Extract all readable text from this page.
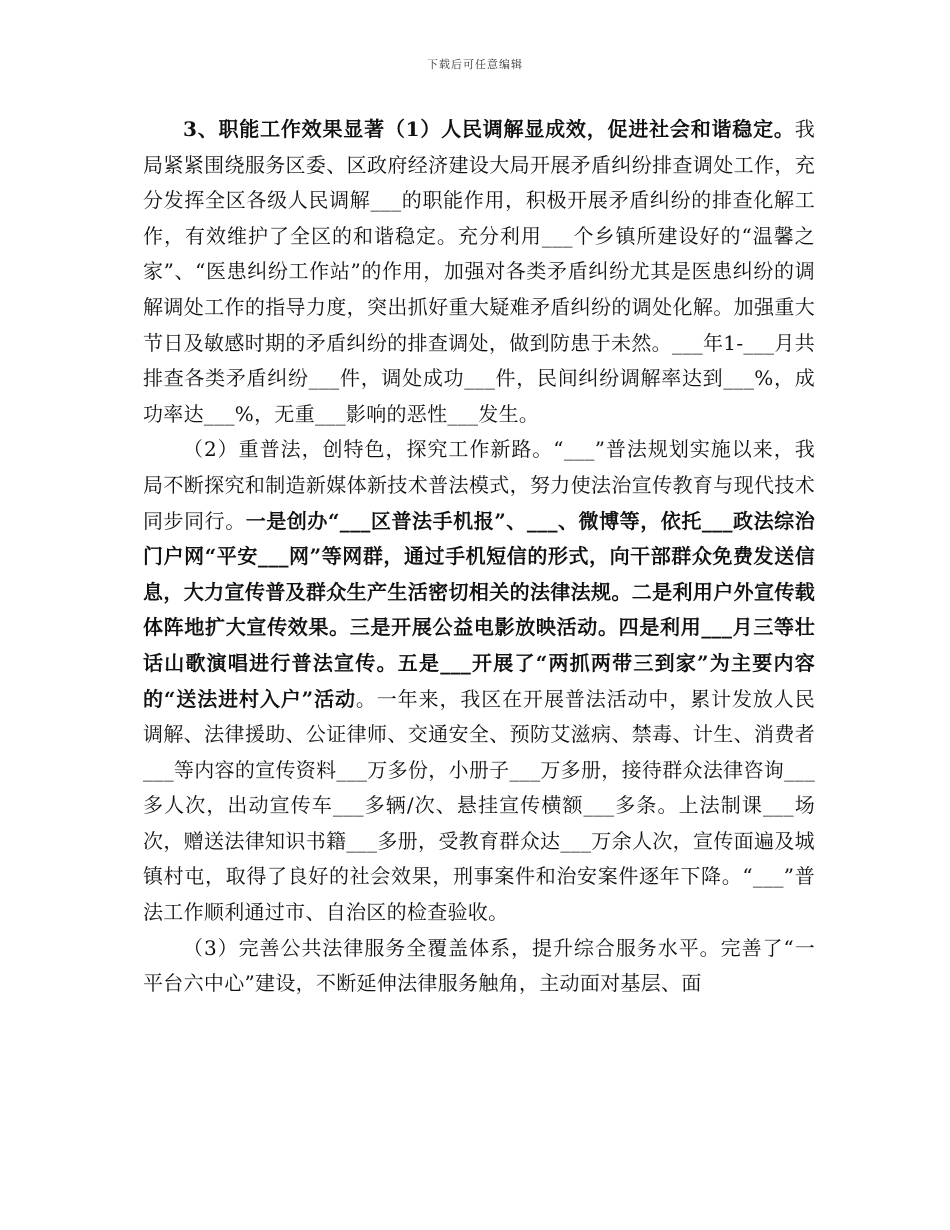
下载后可任意编辑

3、职能工作效果显著（1）人民调解显成效，促进社会和谐稳定。我局紧紧围绕服务区委、区政府经济建设大局开展矛盾纠纷排查调处工作，充分发挥全区各级人民调解___的职能作用，积极开展矛盾纠纷的排查化解工作，有效维护了全区的和谐稳定。充分利用___个乡镇所建设好的“温馨之家”、“医患纠纷工作站”的作用，加强对各类矛盾纠纷尤其是医患纠纷的调解调处工作的指导力度，突出抓好重大疑难矛盾纠纷的调处化解。加强重大节日及敏感时期的矛盾纠纷的排查调处，做到防患于未然。___年1-___月共排查各类矛盾纠纷___件，调处成功___件，民间纠纷调解率达到___%，成功率达___%，无重___影响的恶性___发生。

（2）重普法，创特色，探究工作新路。“___”普法规划实施以来，我局不断探究和制造新媒体新技术普法模式，努力使法治宣传教育与现代技术同步同行。一是创办“___区普法手机报”、___、微博等，依托___政法综治门户网“平安___网”等网群，通过手机短信的形式，向干部群众免费发送信息，大力宣传普及群众生产生活密切相关的法律法规。二是利用户外宣传载体阵地扩大宣传效果。三是开展公益电影放映活动。四是利用___月三等壮话山歌演唱进行普法宣传。五是___开展了“两抓两带三到家”为主要内容的“送法进村入户”活动。一年来，我区在开展普法活动中，累计发放人民调解、法律援助、公证律师、交通安全、预防艾滋病、禁毒、计生、消费者___等内容的宣传资料___万多份，小册子___万多册，接待群众法律咨询___多人次，出动宣传车___多辆/次、悬挂宣传横额___多条。上法制课___场次，赠送法律知识书籍___多册，受教育群众达___万余人次，宣传面遍及城镇村屯，取得了良好的社会效果，刑事案件和治安案件逐年下降。“___”普法工作顺利通过市、自治区的检查验收。

（3）完善公共法律服务全覆盖体系，提升综合服务水平。完善了“一平台六中心”建设，不断延伸法律服务触角，主动面对基层、面
